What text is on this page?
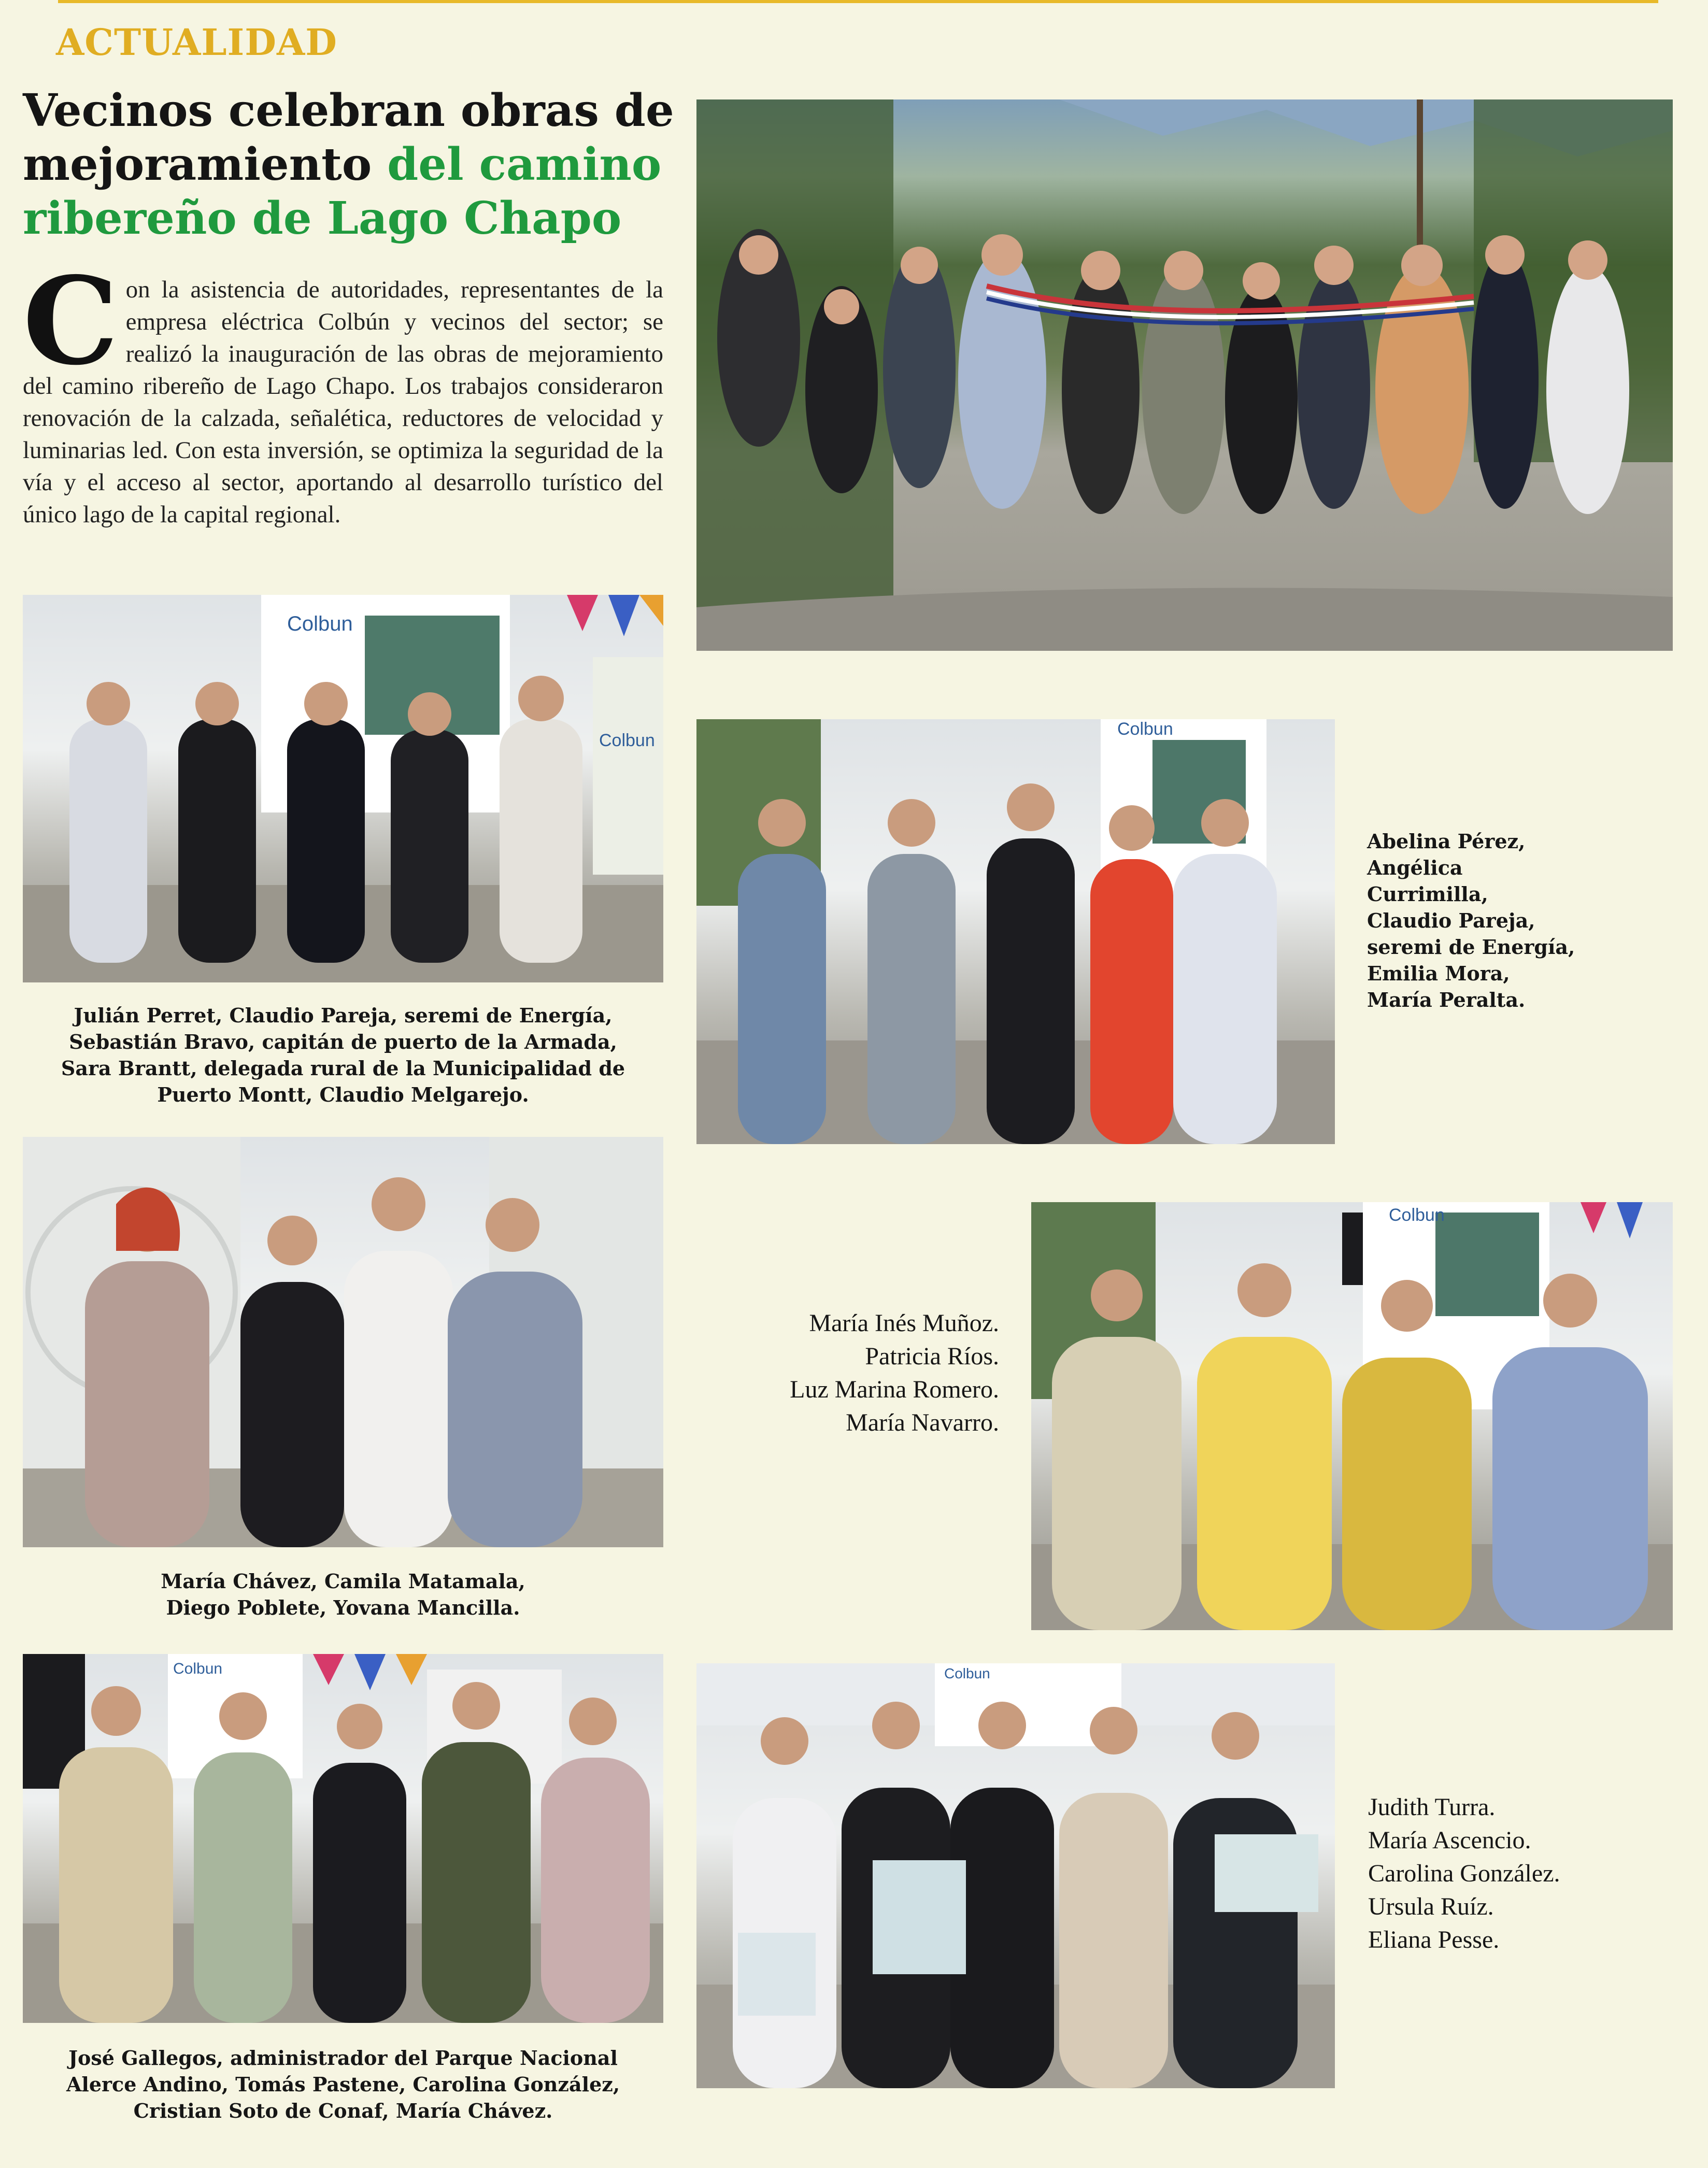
ACTUALIDAD
Vecinos celebran obras de mejoramiento del camino ribereño de Lago Chapo
Con la asistencia de autoridades, representantes de la empresa eléctrica Colbún y vecinos del sector; se realizó la inauguración de las obras de mejoramiento del camino ribereño de Lago Chapo. Los trabajos consideraron renovación de la calzada, señalética, reductores de velocidad y luminarias led. Con esta inversión, se optimiza la seguridad de la vía y el acceso al sector, aportando al desarrollo turístico del único lago de la capital regional.
Colbun
Colbun
Julián Perret, Claudio Pareja, seremi de Energía,
Sebastián Bravo, capitán de puerto de la Armada,
Sara Brantt, delegada rural de la Municipalidad de
Puerto Montt, Claudio Melgarejo.
Colbun
Abelina Pérez,
Angélica
Currimilla,
Claudio Pareja,
seremi de Energía,
Emilia Mora,
María Peralta.
María Chávez, Camila Matamala,
Diego Poblete, Yovana Mancilla.
María Inés Muñoz.
Patricia Ríos.
Luz Marina Romero.
María Navarro.
Colbun
Colbun
José Gallegos, administrador del Parque Nacional
Alerce Andino, Tomás Pastene, Carolina González,
Cristian Soto de Conaf, María Chávez.
Colbun
Judith Turra.
María Ascencio.
Carolina González.
Ursula Ruíz.
Eliana Pesse.
